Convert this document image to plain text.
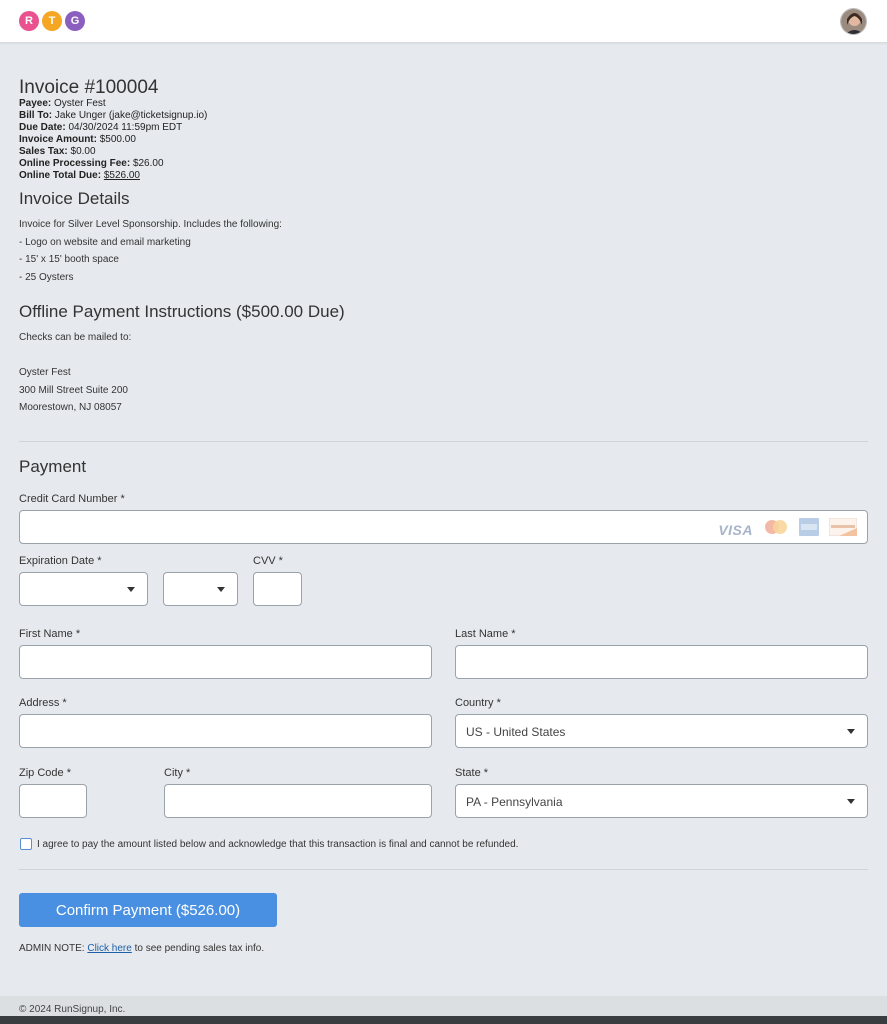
R	T	G
Invoice #100004
Payee: Oyster Fest
Bill To: Jake Unger (jake@ticketsignup.io)
Due Date: 04/30/2024 11:59pm EDT
Invoice Amount: $500.00
Sales Tax: $0.00
Online Processing Fee: $26.00
Online Total Due: $526.00
Invoice Details
Invoice for Silver Level Sponsorship. Includes the following:
- Logo on website and email marketing
- 15' x 15' booth space
- 25 Oysters
Offline Payment Instructions ($500.00 Due)
Checks can be mailed to:
Oyster Fest
300 Mill Street Suite 200
Moorestown, NJ 08057
Payment
Credit Card Number *
VISA
Expiration Date *	CVV *
First Name *	Last Name *
Address *	Country *
US - United States
Zip Code *	City *	State *
PA - Pennsylvania
I agree to pay the amount listed below and acknowledge that this transaction is final and cannot be refunded.
Confirm Payment ($526.00)
ADMIN NOTE: Click here to see pending sales tax info.
© 2024 RunSignup, Inc.
